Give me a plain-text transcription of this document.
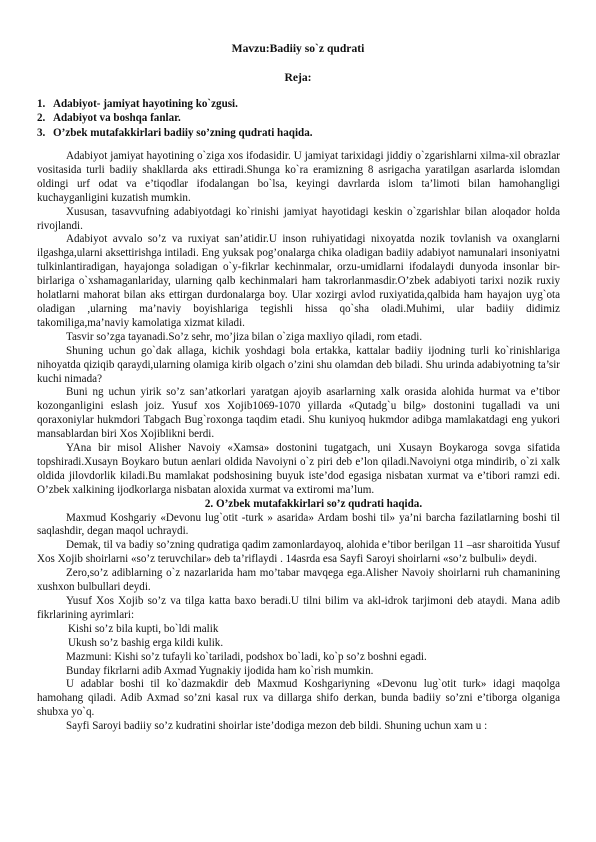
Mavzu:Badiiy so`z qudrati
Reja:
1. Adabiyot- jamiyat hayotining ko`zgusi.
2. Adabiyot va boshqa fanlar.
3. O’zbek mutafakkirlari badiiy so’zning qudrati haqida.

Adabiyot jamiyat hayotining o`ziga xos ifodasidir. U jamiyat tarixidagi jiddiy o`zgarishlarni xilma-xil obrazlar vositasida turli badiiy shakllarda aks ettiradi.Shunga ko`ra eramizning 8 asrigacha yaratilgan asarlarda islomdan oldingi urf odat va e’tiqodlar ifodalangan bo`lsa, keyingi davrlarda islom ta’limoti bilan hamohangligi kuchayganligini kuzatish mumkin.

Xususan, tasavvufning adabiyotdagi ko`rinishi jamiyat hayotidagi keskin o`zgarishlar bilan aloqador holda rivojlandi.

Adabiyot avvalo so’z va ruxiyat san’atidir.U inson ruhiyatidagi nixoyatda nozik tovlanish va oxanglarni ilgashga,ularni aksettirishga intiladi. Eng yuksak pog’onalarga chika oladigan badiiy adabiyot namunalari insoniyatni tulkinlantiradigan, hayajonga soladigan o`y-fikrlar kechinmalar, orzu-umidlarni ifodalaydi dunyoda insonlar bir-birlariga o`xshamaganlariday, ularning qalb kechinmalari ham takrorlanmasdir.O’zbek adabiyoti tarixi nozik ruxiy holatlarni mahorat bilan aks ettirgan durdonalarga boy. Ular xozirgi avlod ruxiyatida,qalbida ham hayajon uyg`ota oladigan ,ularning ma’naviy boyishlariga tegishli hissa qo`sha oladi.Muhimi, ular badiiy didimiz takomiliga,ma’naviy kamolatiga xizmat kiladi.

Tasvir so’zga tayanadi.So’z sehr, mo’jiza bilan o`ziga maxliyo qiladi, rom etadi.

Shuning uchun go`dak allaga, kichik yoshdagi bola ertakka, kattalar badiiy ijodning turli ko`rinishlariga nihoyatda qiziqib qaraydi,ularning olamiga kirib olgach o’zini shu olamdan deb biladi. Shu urinda adabiyotning ta’sir kuchi nimada?

Buni ng uchun yirik so’z san’atkorlari yaratgan ajoyib asarlarning xalk orasida alohida hurmat va e’tibor kozonganligini eslash joiz. Yusuf xos Xojib1069-1070 yillarda «Qutadg`u bilg» dostonini tugalladi va uni qoraxoniylar hukmdori Tabgach Bug`roxonga taqdim etadi. Shu kuniyoq hukmdor adibga mamlakatdagi eng yukori mansablardan biri Xos Xojiblikni berdi.

YAna bir misol Alisher Navoiy «Xamsa» dostonini tugatgach, uni Xusayn Boykaroga sovga sifatida topshiradi.Xusayn Boykaro butun aenlari oldida Navoiyni o`z piri deb e’lon qiladi.Navoiyni otga mindirib, o`zi xalk oldida jilovdorlik kiladi.Bu mamlakat podshosining buyuk iste’dod egasiga nisbatan xurmat va e’tibori ramzi edi. O’zbek xalkining ijodkorlarga nisbatan aloxida xurmat va extiromi ma’lum.

2. O’zbek mutafakkirlari so’z qudrati haqida.

Maxmud Koshgariy «Devonu lug`otit -turk » asarida» Ardam boshi til» ya’ni barcha fazilatlarning boshi til saqlashdir, degan maqol uchraydi.

Demak, til va badiy so’zning qudratiga qadim zamonlardayoq, alohida e’tibor berilgan 11 –asr sharoitida Yusuf Xos Xojib shoirlarni «so’z teruvchilar» deb ta’riflaydi . 14asrda esa Sayfi Saroyi shoirlarni «so’z bulbuli» deydi.

Zero,so’z adiblarning o`z nazarlarida ham mo’tabar mavqega ega.Alisher Navoiy shoirlarni ruh chamanining xushxon bulbullari deydi.

Yusuf Xos Xojib so’z va tilga katta baxo beradi.U tilni bilim va akl-idrok tarjimoni deb ataydi. Mana adib fikrlarining ayrimlari:

Kishi so’z bila kupti, bo`ldi malik

Ukush so’z bashig erga kildi kulik.

Mazmuni: Kishi so’z tufayli ko`tariladi, podshox bo`ladi, ko`p so’z boshni egadi.

Bunday fikrlarni adib Axmad Yugnakiy ijodida ham ko`rish mumkin.

U adablar boshi til ko`dazmakdir deb Maxmud Koshgariyning «Devonu lug`otit turk» idagi maqolga hamohang qiladi. Adib Axmad so’zni kasal rux va dillarga shifo derkan, bunda badiiy so’zni e’tiborga olganiga shubxa yo`q.

Sayfi Saroyi badiiy so’z kudratini shoirlar iste’dodiga mezon deb bildi. Shuning uchun xam u :
